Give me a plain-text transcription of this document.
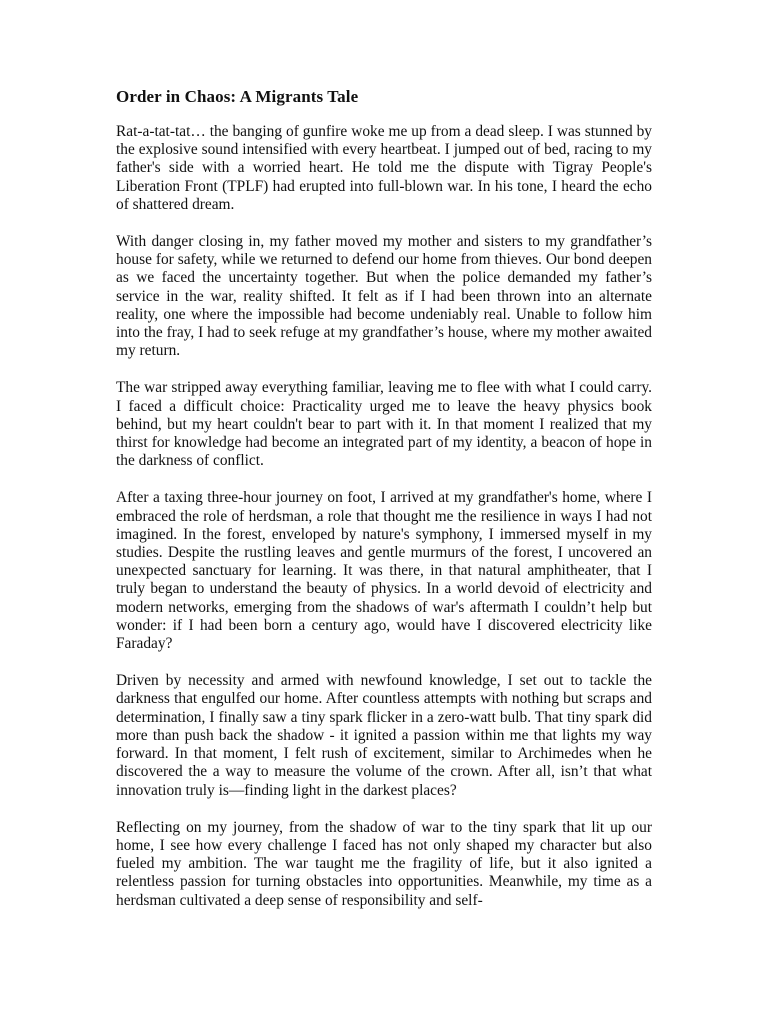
Order in Chaos: A Migrants Tale

Rat-a-tat-tat… the banging of gunfire woke me up from a dead sleep. I was stunned by the explosive sound intensified with every heartbeat. I jumped out of bed, racing to my father's side with a worried heart. He told me the dispute with Tigray People's Liberation Front (TPLF) had erupted into full-blown war. In his tone, I heard the echo of shattered dream.

With danger closing in, my father moved my mother and sisters to my grandfather’s house for safety, while we returned to defend our home from thieves. Our bond deepen as we faced the uncertainty together. But when the police demanded my father’s service in the war, reality shifted. It felt as if I had been thrown into an alternate reality, one where the impossible had become undeniably real. Unable to follow him into the fray, I had to seek refuge at my grandfather’s house, where my mother awaited my return.

The war stripped away everything familiar, leaving me to flee with what I could carry. I faced a difficult choice: Practicality urged me to leave the heavy physics book behind, but my heart couldn't bear to part with it. In that moment I realized that my thirst for knowledge had become an integrated part of my identity, a beacon of hope in the darkness of conflict.

After a taxing three-hour journey on foot, I arrived at my grandfather's home, where I embraced the role of herdsman, a role that thought me the resilience in ways I had not imagined. In the forest, enveloped by nature's symphony, I immersed myself in my studies. Despite the rustling leaves and gentle murmurs of the forest, I uncovered an unexpected sanctuary for learning. It was there, in that natural amphitheater, that I truly began to understand the beauty of physics. In a world devoid of electricity and modern networks, emerging from the shadows of war's aftermath I couldn’t help but wonder: if I had been born a century ago, would have I discovered electricity like Faraday?

Driven by necessity and armed with newfound knowledge, I set out to tackle the darkness that engulfed our home. After countless attempts with nothing but scraps and determination, I finally saw a tiny spark flicker in a zero-watt bulb. That tiny spark did more than push back the shadow - it ignited a passion within me that lights my way forward. In that moment, I felt rush of excitement, similar to Archimedes when he discovered the a way to measure the volume of the crown. After all, isn’t that what innovation truly is—finding light in the darkest places?

Reflecting on my journey, from the shadow of war to the tiny spark that lit up our home, I see how every challenge I faced has not only shaped my character but also fueled my ambition. The war taught me the fragility of life, but it also ignited a relentless passion for turning obstacles into opportunities. Meanwhile, my time as a herdsman cultivated a deep sense of responsibility and self-
